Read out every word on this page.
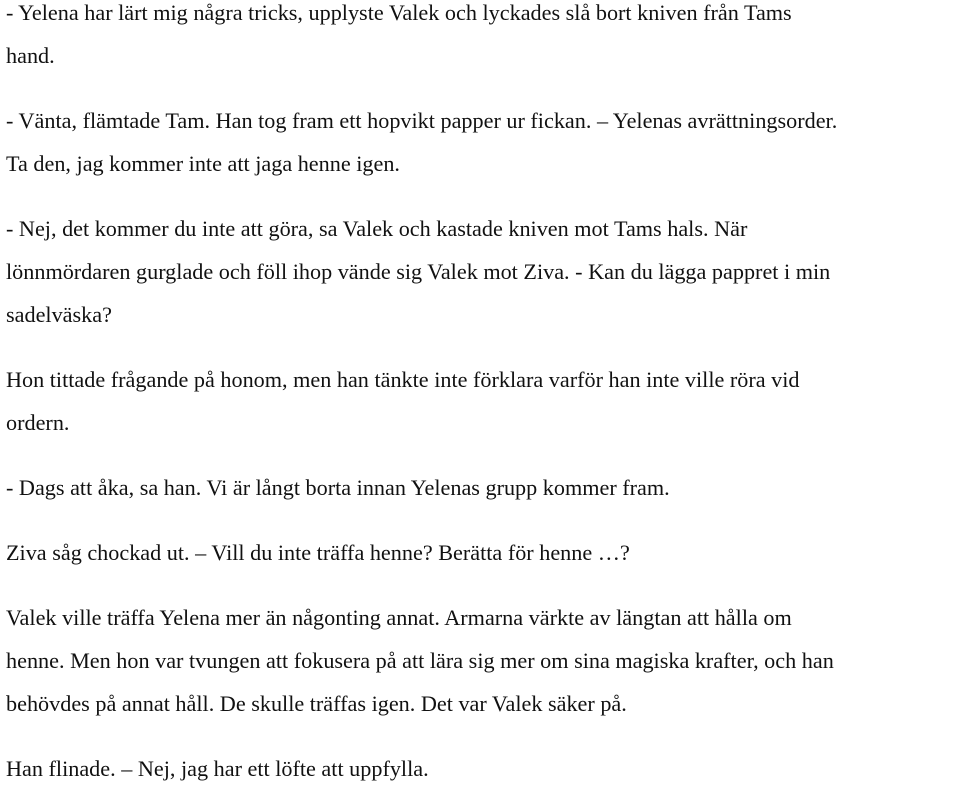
- Yelena har lärt mig några tricks, upplyste Valek och lyckades slå bort kniven från Tams
hand.
- Vänta, flämtade Tam. Han tog fram ett hopvikt papper ur fickan. – Yelenas avrättningsorder.
Ta den, jag kommer inte att jaga henne igen.
- Nej, det kommer du inte att göra, sa Valek och kastade kniven mot Tams hals. När
lönnmördaren gurglade och föll ihop vände sig Valek mot Ziva. - Kan du lägga pappret i min
sadelväska?
Hon tittade frågande på honom, men han tänkte inte förklara varför han inte ville röra vid
ordern.
- Dags att åka, sa han. Vi är långt borta innan Yelenas grupp kommer fram.
Ziva såg chockad ut. – Vill du inte träffa henne? Berätta för henne …?
Valek ville träffa Yelena mer än någonting annat. Armarna värkte av längtan att hålla om
henne. Men hon var tvungen att fokusera på att lära sig mer om sina magiska krafter, och han
behövdes på annat håll. De skulle träffas igen. Det var Valek säker på.
Han flinade. – Nej, jag har ett löfte att uppfylla.
